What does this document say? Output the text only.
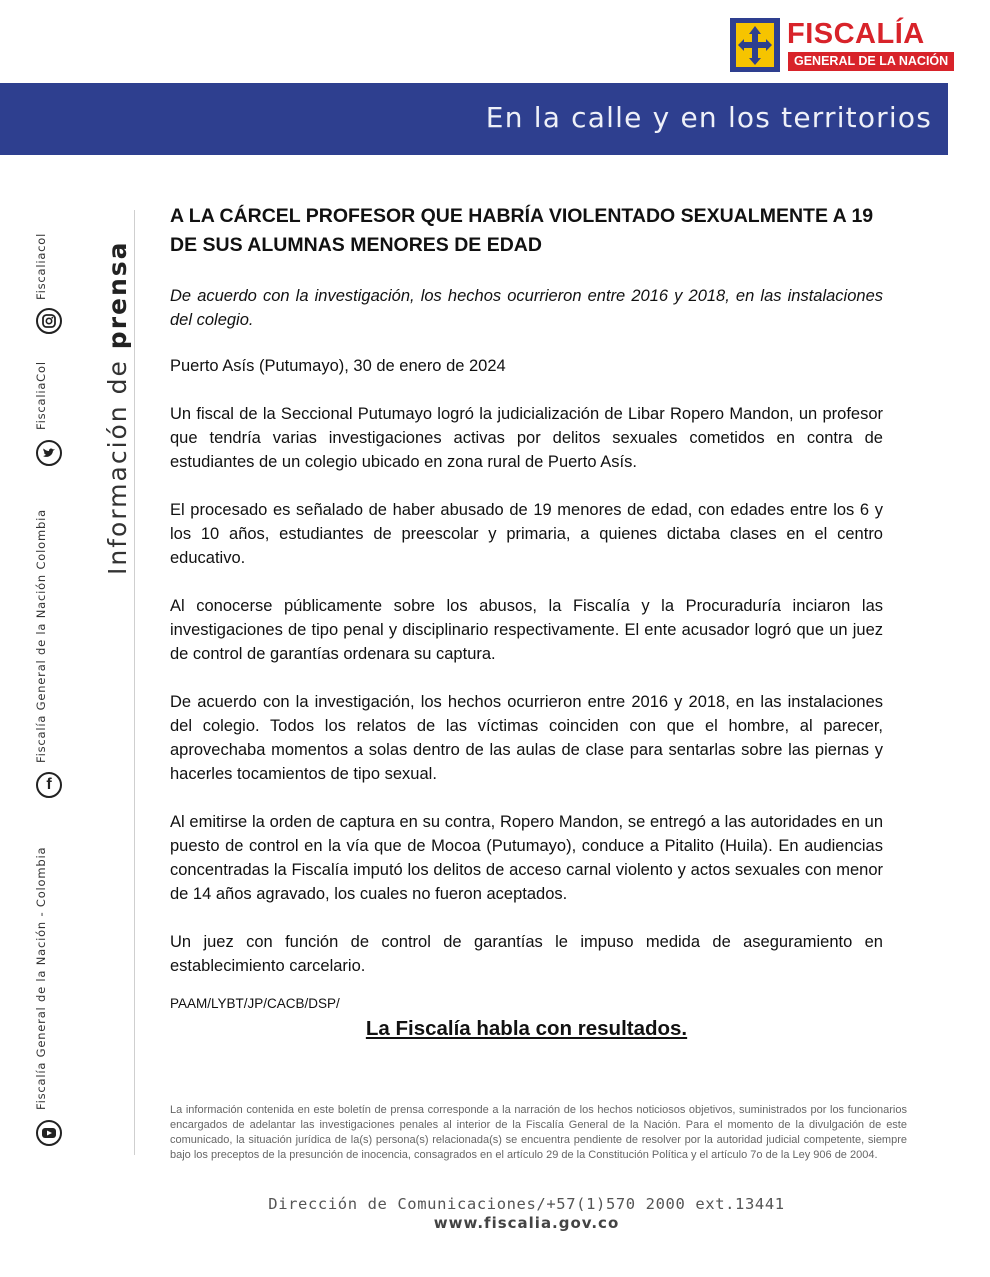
FISCALÍA
GENERAL DE LA NACIÓN
En la calle y en los territorios
Información de prensa
Fiscalía General de la Nación - Colombia
f
Fiscalía General de la Nación Colombia
FiscaliaCol
Fiscaliacol
A LA CÁRCEL PROFESOR QUE HABRÍA VIOLENTADO SEXUALMENTE A 19 DE SUS ALUMNAS MENORES DE EDAD

De acuerdo con la investigación, los hechos ocurrieron entre 2016 y 2018, en las instalaciones del colegio.

Puerto Asís (Putumayo), 30 de enero de 2024

Un fiscal de la Seccional Putumayo logró la judicialización de Libar Ropero Mandon, un profesor que tendría varias investigaciones activas por delitos sexuales cometidos en contra de estudiantes de un colegio ubicado en zona rural de Puerto Asís.

El procesado es señalado de haber abusado de 19 menores de edad, con edades entre los 6 y los 10 años, estudiantes de preescolar y primaria, a quienes dictaba clases en el centro educativo.

Al conocerse públicamente sobre los abusos, la Fiscalía y la Procuraduría inciaron las investigaciones de tipo penal y disciplinario respectivamente. El ente acusador logró que un juez de control de garantías ordenara su captura.

De acuerdo con la investigación, los hechos ocurrieron entre 2016 y 2018, en las instalaciones del colegio. Todos los relatos de las víctimas coinciden con que el hombre, al parecer, aprovechaba momentos a solas dentro de las aulas de clase para sentarlas sobre las piernas y hacerles tocamientos de tipo sexual.

Al emitirse la orden de captura en su contra, Ropero Mandon, se entregó a las autoridades en un puesto de control en la vía que de Mocoa (Putumayo), conduce a Pitalito (Huila). En audiencias concentradas la Fiscalía imputó los delitos de acceso carnal violento y actos sexuales con menor de 14 años agravado, los cuales no fueron aceptados.

Un juez con función de control de garantías le impuso medida de aseguramiento en establecimiento carcelario.

PAAM/LYBT/JP/CACB/DSP/

La Fiscalía habla con resultados.

La información contenida en este boletín de prensa corresponde a la narración de los hechos noticiosos objetivos, suministrados por los funcionarios encargados de adelantar las investigaciones penales al interior de la Fiscalía General de la Nación. Para el momento de la divulgación de este comunicado, la situación jurídica de la(s) persona(s) relacionada(s) se encuentra pendiente de resolver por la autoridad judicial competente, siempre bajo los preceptos de la presunción de inocencia, consagrados en el artículo 29 de la Constitución Política y el artículo 7o de la Ley 906 de 2004.
Dirección de Comunicaciones/+57(1)570 2000 ext.13441
www.fiscalia.gov.co
